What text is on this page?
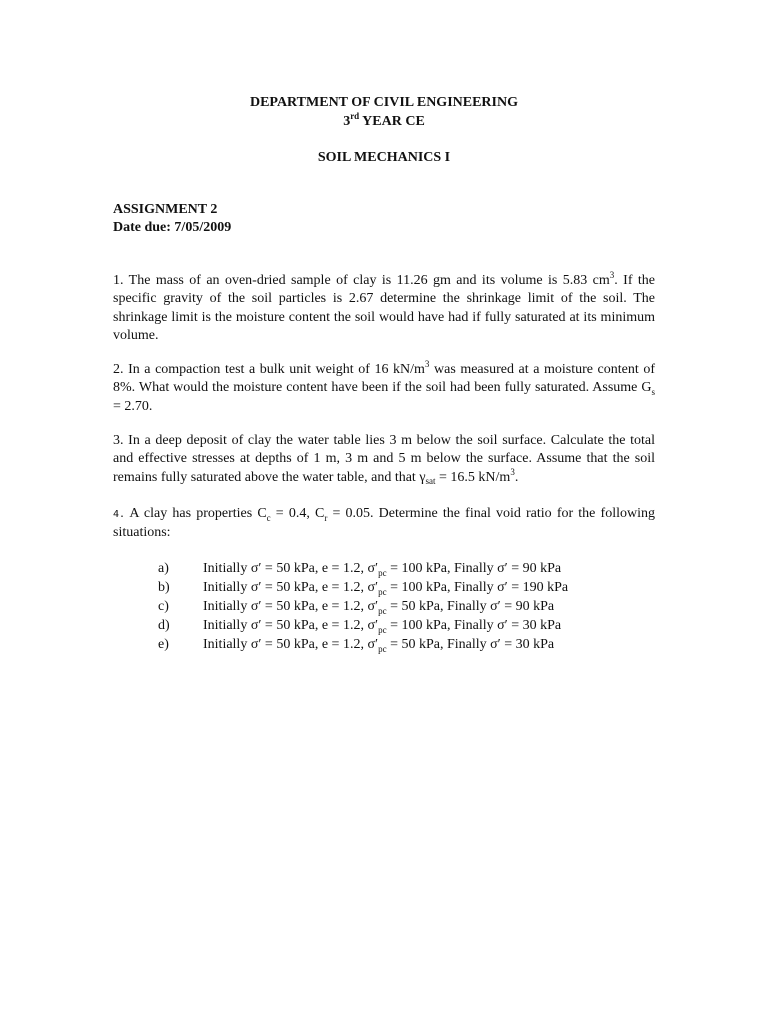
DEPARTMENT OF CIVIL ENGINEERING
3rd YEAR CE
SOIL MECHANICS I
ASSIGNMENT 2
Date due: 7/05/2009

1. The mass of an oven-dried sample of clay is 11.26 gm and its volume is 5.83 $cm^3$. If the specific gravity of the soil particles is 2.67 determine the shrinkage limit of the soil. The shrinkage limit is the moisture content the soil would have had if fully saturated at its minimum volume.

2. In a compaction test a bulk unit weight of 16 $kN/m^3$ was measured at a moisture content of 8%. What would the moisture content have been if the soil had been fully saturated. Assume $G_s = 2.70$.

3. In a deep deposit of clay the water table lies 3 m below the soil surface. Calculate the total and effective stresses at depths of 1 m, 3 m and 5 m below the surface. Assume that the soil remains fully saturated above the water table, and that $\gamma_{sat} = 16.5$ $kN/m^3$.

4. A clay has properties $C_c = 0.4$, $C_r = 0.05$. Determine the final void ratio for the following situations:

a) Initially σ′ = 50 kPa, e = 1.2, $\sigma'_{pc} = 100$ kPa, Finally σ′ = 90 kPa
b) Initially σ′ = 50 kPa, e = 1.2, $\sigma'_{pc} = 100$ kPa, Finally σ′ = 190 kPa
c) Initially σ′ = 50 kPa, e = 1.2, $\sigma'_{pc} = 50$ kPa, Finally σ′ = 90 kPa
d) Initially σ′ = 50 kPa, e = 1.2, $\sigma'_{pc} = 100$ kPa, Finally σ′ = 30 kPa
e) Initially σ′ = 50 kPa, e = 1.2, $\sigma'_{pc} = 50$ kPa, Finally σ′ = 30 kPa
